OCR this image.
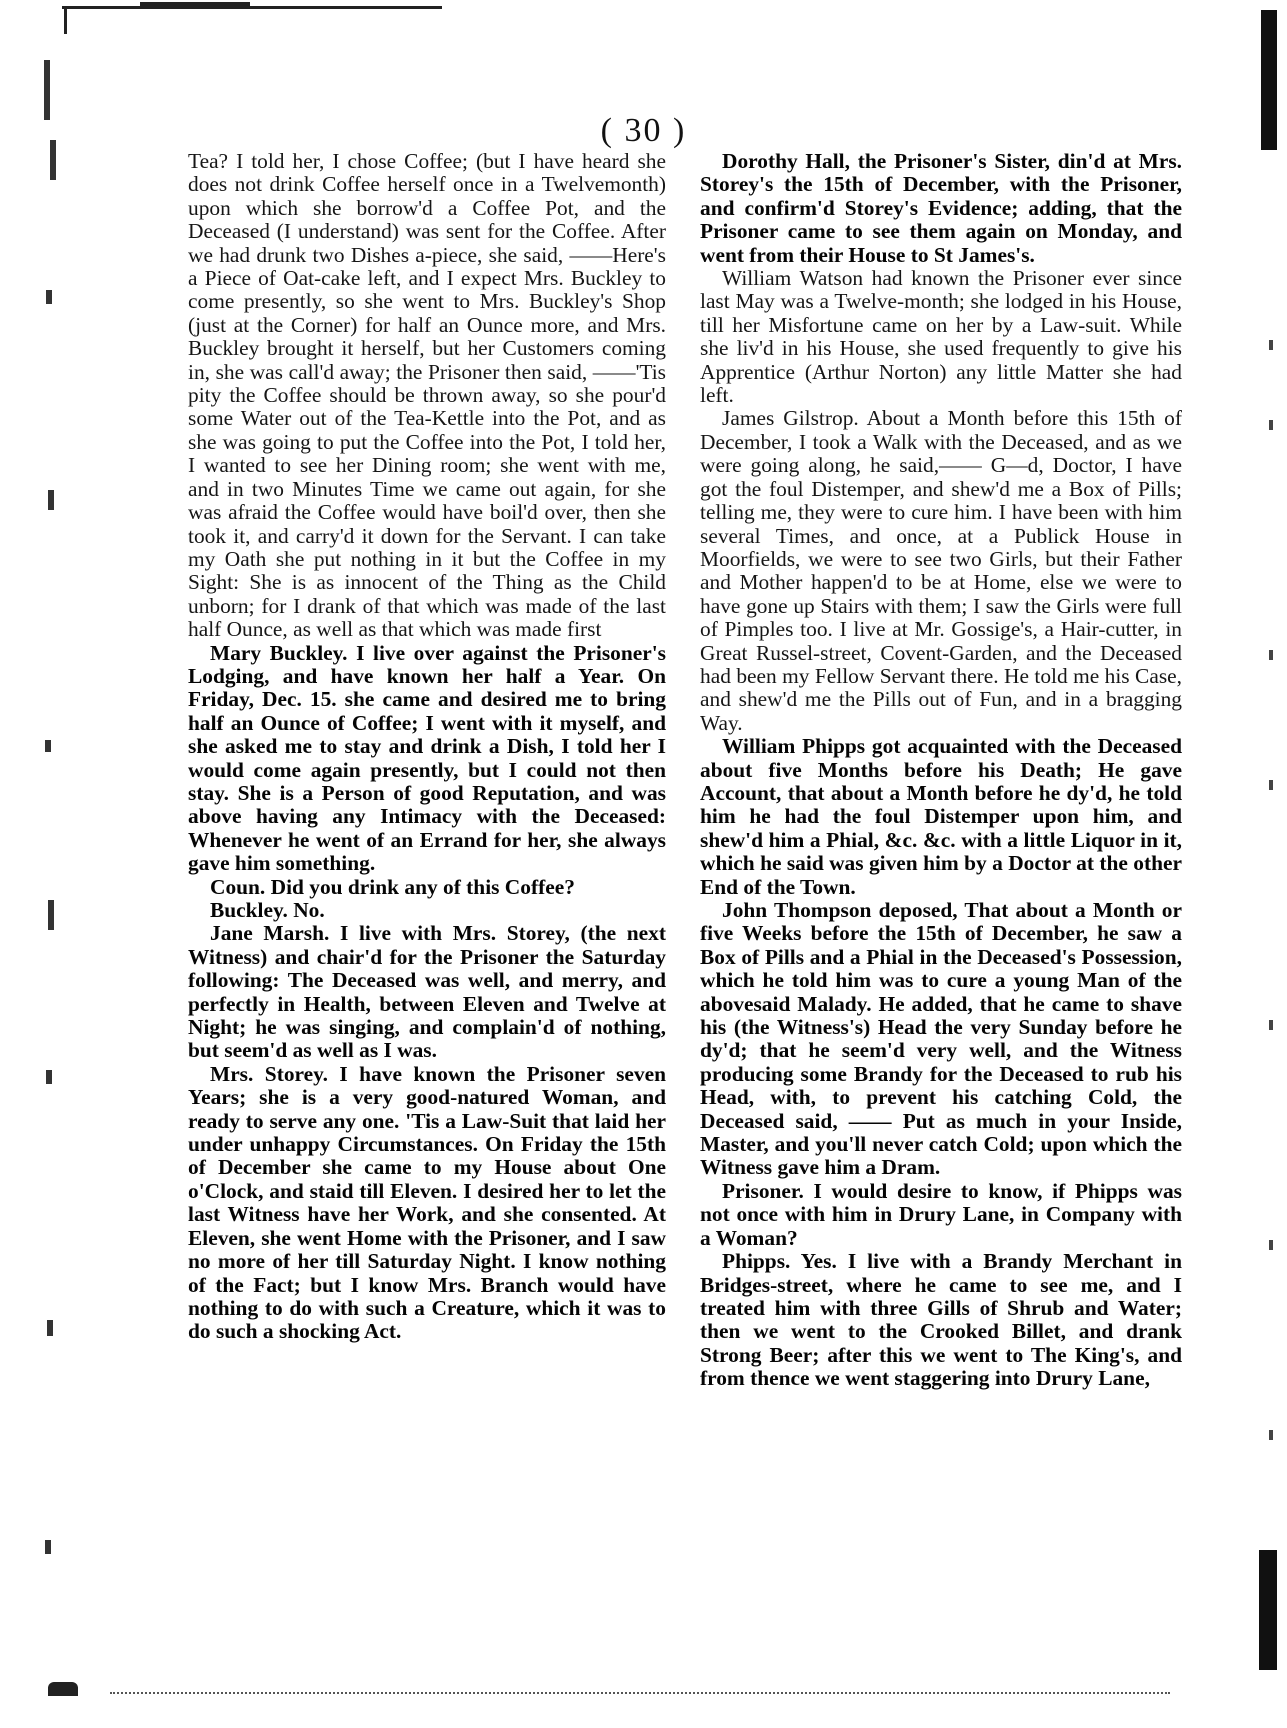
( 30 )

Tea? I told her, I chose Coffee; (but I have heard she does not drink Coffee herself once in a Twelvemonth) upon which she borrow'd a Coffee Pot, and the Deceased (I understand) was sent for the Coffee. After we had drunk two Dishes a-piece, she said, ——Here's a Piece of Oat-cake left, and I expect Mrs. Buckley to come presently, so she went to Mrs. Buckley's Shop (just at the Corner) for half an Ounce more, and Mrs. Buckley brought it herself, but her Customers coming in, she was call'd away; the Prisoner then said, ——'Tis pity the Coffee should be thrown away, so she pour'd some Water out of the Tea-Kettle into the Pot, and as she was going to put the Coffee into the Pot, I told her, I wanted to see her Dining room; she went with me, and in two Minutes Time we came out again, for she was afraid the Coffee would have boil'd over, then she took it, and carry'd it down for the Servant. I can take my Oath she put nothing in it but the Coffee in my Sight: She is as innocent of the Thing as the Child unborn; for I drank of that which was made of the last half Ounce, as well as that which was made first

Mary Buckley. I live over against the Prisoner's Lodging, and have known her half a Year. On Friday, Dec. 15. she came and desired me to bring half an Ounce of Coffee; I went with it myself, and she asked me to stay and drink a Dish, I told her I would come again presently, but I could not then stay. She is a Person of good Reputation, and was above having any Intimacy with the Deceased: Whenever he went of an Errand for her, she always gave him something.

Coun. Did you drink any of this Coffee?

Buckley. No.

Jane Marsh. I live with Mrs. Storey, (the next Witness) and chair'd for the Prisoner the Saturday following: The Deceased was well, and merry, and perfectly in Health, between Eleven and Twelve at Night; he was singing, and complain'd of nothing, but seem'd as well as I was.

Mrs. Storey. I have known the Prisoner seven Years; she is a very good-natured Woman, and ready to serve any one. 'Tis a Law-Suit that laid her under unhappy Circumstances. On Friday the 15th of December she came to my House about One o'Clock, and staid till Eleven. I desired her to let the last Witness have her Work, and she consented. At Eleven, she went Home with the Prisoner, and I saw no more of her till Saturday Night. I know nothing of the Fact; but I know Mrs. Branch would have nothing to do with such a Creature, which it was to do such a shocking Act.

Dorothy Hall, the Prisoner's Sister, din'd at Mrs. Storey's the 15th of December, with the Prisoner, and confirm'd Storey's Evidence; adding, that the Prisoner came to see them again on Monday, and went from their House to St James's.

William Watson had known the Prisoner ever since last May was a Twelve-month; she lodged in his House, till her Misfortune came on her by a Law-suit. While she liv'd in his House, she used frequently to give his Apprentice (Arthur Norton) any little Matter she had left.

James Gilstrop. About a Month before this 15th of December, I took a Walk with the Deceased, and as we were going along, he said,—— G—d, Doctor, I have got the foul Distemper, and shew'd me a Box of Pills; telling me, they were to cure him. I have been with him several Times, and once, at a Publick House in Moorfields, we were to see two Girls, but their Father and Mother happen'd to be at Home, else we were to have gone up Stairs with them; I saw the Girls were full of Pimples too. I live at Mr. Gossige's, a Hair-cutter, in Great Russel-street, Covent-Garden, and the Deceased had been my Fellow Servant there. He told me his Case, and shew'd me the Pills out of Fun, and in a bragging Way.

William Phipps got acquainted with the Deceased about five Months before his Death; He gave Account, that about a Month before he dy'd, he told him he had the foul Distemper upon him, and shew'd him a Phial, &c. &c. with a little Liquor in it, which he said was given him by a Doctor at the other End of the Town.

John Thompson deposed, That about a Month or five Weeks before the 15th of December, he saw a Box of Pills and a Phial in the Deceased's Possession, which he told him was to cure a young Man of the abovesaid Malady. He added, that he came to shave his (the Witness's) Head the very Sunday before he dy'd; that he seem'd very well, and the Witness producing some Brandy for the Deceased to rub his Head, with, to prevent his catching Cold, the Deceased said, —— Put as much in your Inside, Master, and you'll never catch Cold; upon which the Witness gave him a Dram.

Prisoner. I would desire to know, if Phipps was not once with him in Drury Lane, in Company with a Woman?

Phipps. Yes. I live with a Brandy Merchant in Bridges-street, where he came to see me, and I treated him with three Gills of Shrub and Water; then we went to the Crooked Billet, and drank Strong Beer; after this we went to The King's, and from thence we went staggering into Drury Lane,
